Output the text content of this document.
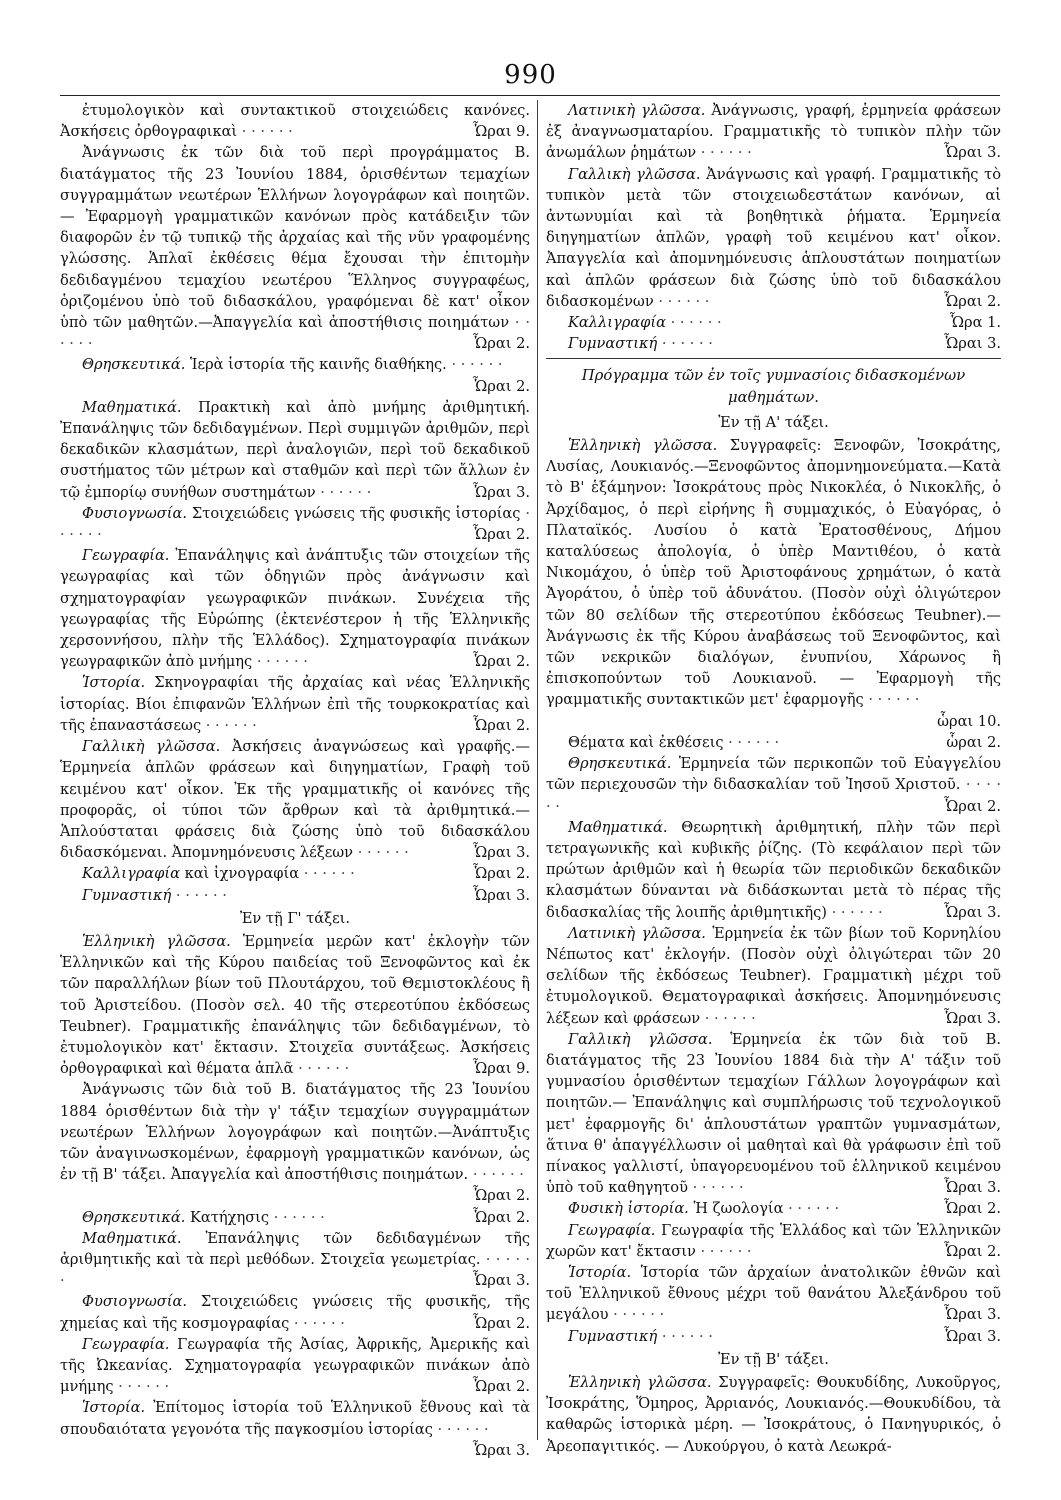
990
ἐτυμολογικὸν καὶ συντακτικοῦ στοιχειώδεις κανόνες. Ἀσκήσεις ὀρθογραφικαὶ · · · · · ·	Ὧραι 9.
Ἀνάγνωσις ἐκ τῶν διὰ τοῦ περὶ προγράμματος Β. διατάγματος τῆς 23 Ἰουνίου 1884, ὁρισθέντων τεμαχίων συγγραμμάτων νεωτέρων Ἑλλήνων λογογράφων καὶ ποιητῶν.— Ἐφαρμογὴ γραμματικῶν κανόνων πρὸς κατάδειξιν τῶν διαφορῶν ἐν τῷ τυπικῷ τῆς ἀρχαίας καὶ τῆς νῦν γραφομένης γλώσσης. Ἁπλαῖ ἐκθέσεις θέμα ἔχουσαι τὴν ἐπιτομὴν δεδιδαγμένου τεμαχίου νεωτέρου Ἕλληνος συγγραφέως, ὁριζομένου ὑπὸ τοῦ διδασκάλου, γραφόμεναι δὲ κατ' οἶκον ὑπὸ τῶν μαθητῶν.—Ἀπαγγελία καὶ ἀποστήθισις ποιημάτων · · · · · ·	Ὧραι 2.
Θρησκευτικά. Ἱερὰ ἱστορία τῆς καινῆς διαθήκης. · · · · · ·
Ὧραι 2.
Μαθηματικά. Πρακτικὴ καὶ ἀπὸ μνήμης ἀριθμητική. Ἐπανάληψις τῶν δεδιδαγμένων. Περὶ συμμιγῶν ἀριθμῶν, περὶ δεκαδικῶν κλασμάτων, περὶ ἀναλογιῶν, περὶ τοῦ δεκαδικοῦ συστήματος τῶν μέτρων καὶ σταθμῶν καὶ περὶ τῶν ἄλλων ἐν τῷ ἐμπορίῳ συνήθων συστημάτων · · · · · ·	Ὧραι 3.
Φυσιογνωσία. Στοιχειώδεις γνώσεις τῆς φυσικῆς ἱστορίας · · · · · ·	Ὧραι 2.
Γεωγραφία. Ἐπανάληψις καὶ ἀνάπτυξις τῶν στοιχείων τῆς γεωγραφίας καὶ τῶν ὁδηγιῶν πρὸς ἀνάγνωσιν καὶ σχηματογραφίαν γεωγραφικῶν πινάκων. Συνέχεια τῆς γεωγραφίας τῆς Εὐρώπης (ἐκτενέστερον ἡ τῆς Ἑλληνικῆς χερσοννήσου, πλὴν τῆς Ἑλλάδος). Σχηματογραφία πινάκων γεωγραφικῶν ἀπὸ μνήμης · · · · · ·	Ὧραι 2.
Ἱστορία. Σκηνογραφίαι τῆς ἀρχαίας καὶ νέας Ἑλληνικῆς ἱστορίας. Βίοι ἐπιφανῶν Ἑλλήνων ἐπὶ τῆς τουρκοκρατίας καὶ τῆς ἐπαναστάσεως · · · · · ·	Ὧραι 2.
Γαλλικὴ γλῶσσα. Ἀσκήσεις ἀναγνώσεως καὶ γραφῆς.— Ἑρμηνεία ἁπλῶν φράσεων καὶ διηγηματίων, Γραφὴ τοῦ κειμένου κατ' οἶκον. Ἐκ τῆς γραμματικῆς οἱ κανόνες τῆς προφορᾶς, οἱ τύποι τῶν ἄρθρων καὶ τὰ ἀριθμητικά.— Ἁπλούσταται φράσεις διὰ ζώσης ὑπὸ τοῦ διδασκάλου διδασκόμεναι. Ἀπομνημόνευσις λέξεων · · · · · ·	Ὧραι 3.
Καλλιγραφία καὶ ἰχνογραφία · · · · · ·	Ὧραι 2.
Γυμναστική · · · · · ·	Ὧραι 3.
Ἐν τῇ Γ' τάξει.
Ἑλληνικὴ γλῶσσα. Ἑρμηνεία μερῶν κατ' ἐκλογὴν τῶν Ἑλληνικῶν καὶ τῆς Κύρου παιδείας τοῦ Ξενοφῶντος καὶ ἐκ τῶν παραλλήλων βίων τοῦ Πλουτάρχου, τοῦ Θεμιστοκλέους ἢ τοῦ Ἀριστείδου. (Ποσὸν σελ. 40 τῆς στερεοτύπου ἐκδόσεως Teubner). Γραμματικῆς ἐπανάληψις τῶν δεδιδαγμένων, τὸ ἐτυμολογικὸν κατ' ἔκτασιν. Στοιχεῖα συντάξεως. Ἀσκήσεις ὀρθογραφικαὶ καὶ θέματα ἁπλᾶ · · · · · ·	Ὧραι 9.
Ἀνάγνωσις τῶν διὰ τοῦ Β. διατάγματος τῆς 23 Ἰουνίου 1884 ὁρισθέντων διὰ τὴν γ' τάξιν τεμαχίων συγγραμμάτων νεωτέρων Ἑλλήνων λογογράφων καὶ ποιητῶν.—Ἀνάπτυξις τῶν ἀναγινωσκομένων, ἐφαρμογὴ γραμματικῶν κανόνων, ὡς ἐν τῇ Β' τάξει. Ἀπαγγελία καὶ ἀποστήθισις ποιημάτων. · · · · · ·
Ὧραι 2.
Θρησκευτικά. Κατήχησις · · · · · ·	Ὧραι 2.
Μαθηματικά. Ἐπανάληψις τῶν δεδιδαγμένων τῆς ἀριθμητικῆς καὶ τὰ περὶ μεθόδων. Στοιχεῖα γεωμετρίας. · · · · · ·	Ὧραι 3.
Φυσιογνωσία. Στοιχειώδεις γνώσεις τῆς φυσικῆς, τῆς χημείας καὶ τῆς κοσμογραφίας · · · · · ·	Ὧραι 2.
Γεωγραφία. Γεωγραφία τῆς Ἀσίας, Ἀφρικῆς, Ἀμερικῆς καὶ τῆς Ὠκεανίας. Σχηματογραφία γεωγραφικῶν πινάκων ἀπὸ μνήμης · · · · · ·	Ὧραι 2.
Ἱστορία. Ἐπίτομος ἱστορία τοῦ Ἑλληνικοῦ ἔθνους καὶ τὰ σπουδαιότατα γεγονότα τῆς παγκοσμίου ἱστορίας · · · · · ·
Ὧραι 3.
Λατινικὴ γλῶσσα. Ἀνάγνωσις, γραφή, ἑρμηνεία φράσεων ἐξ ἀναγνωσματαρίου. Γραμματικῆς τὸ τυπικὸν πλὴν τῶν ἀνωμάλων ῥημάτων · · · · · ·	Ὧραι 3.
Γαλλικὴ γλῶσσα. Ἀνάγνωσις καὶ γραφή. Γραμματικῆς τὸ τυπικὸν μετὰ τῶν στοιχειωδεστάτων κανόνων, αἱ ἀντωνυμίαι καὶ τὰ βοηθητικὰ ῥήματα. Ἑρμηνεία διηγηματίων ἁπλῶν, γραφὴ τοῦ κειμένου κατ' οἶκον. Ἀπαγγελία καὶ ἀπομνημόνευσις ἁπλουστάτων ποιηματίων καὶ ἁπλῶν φράσεων διὰ ζώσης ὑπὸ τοῦ διδασκάλου διδασκομένων · · · · · ·	Ὧραι 2.
Καλλιγραφία · · · · · ·	Ὧρα 1.
Γυμναστική · · · · · ·	Ὧραι 3.
Πρόγραμμα τῶν ἐν τοῖς γυμνασίοις διδασκομένων μαθημάτων.
Ἐν τῇ Α' τάξει.
Ἑλληνικὴ γλῶσσα. Συγγραφεῖς: Ξενοφῶν, Ἰσοκράτης, Λυσίας, Λουκιανός.—Ξενοφῶντος ἀπομνημονεύματα.—Κατὰ τὸ Β' ἑξάμηνον: Ἰσοκράτους πρὸς Νικοκλέα, ὁ Νικοκλῆς, ὁ Ἀρχίδαμος, ὁ περὶ εἰρήνης ἢ συμμαχικός, ὁ Εὐαγόρας, ὁ Πλαταϊκός. Λυσίου ὁ κατὰ Ἐρατοσθένους, Δήμου καταλύσεως ἀπολογία, ὁ ὑπὲρ Μαντιθέου, ὁ κατὰ Νικομάχου, ὁ ὑπὲρ τοῦ Ἀριστοφάνους χρημάτων, ὁ κατὰ Ἀγοράτου, ὁ ὑπὲρ τοῦ ἀδυνάτου. (Ποσὸν οὐχὶ ὀλιγώτερον τῶν 80 σελίδων τῆς στερεοτύπου ἐκδόσεως Teubner).— Ἀνάγνωσις ἐκ τῆς Κύρου ἀναβάσεως τοῦ Ξενοφῶντος, καὶ τῶν νεκρικῶν διαλόγων, ἐνυπνίου, Χάρωνος ἢ ἐπισκοπούντων τοῦ Λουκιανοῦ. — Ἐφαρμογὴ τῆς γραμματικῆς συντακτικῶν μετ' ἐφαρμογῆς · · · · · ·
ὧραι 10.
Θέματα καὶ ἐκθέσεις · · · · · ·	ὧραι 2.
Θρησκευτικά. Ἑρμηνεία τῶν περικοπῶν τοῦ Εὐαγγελίου τῶν περιεχουσῶν τὴν διδασκαλίαν τοῦ Ἰησοῦ Χριστοῦ. · · · · · ·	Ὧραι 2.
Μαθηματικά. Θεωρητικὴ ἀριθμητική, πλὴν τῶν περὶ τετραγωνικῆς καὶ κυβικῆς ῥίζης. (Τὸ κεφάλαιον περὶ τῶν πρώτων ἀριθμῶν καὶ ἡ θεωρία τῶν περιοδικῶν δεκαδικῶν κλασμάτων δύνανται νὰ διδάσκωνται μετὰ τὸ πέρας τῆς διδασκαλίας τῆς λοιπῆς ἀριθμητικῆς) · · · · · ·	Ὧραι 3.
Λατινικὴ γλῶσσα. Ἑρμηνεία ἐκ τῶν βίων τοῦ Κορνηλίου Νέπωτος κατ' ἐκλογήν. (Ποσὸν οὐχὶ ὀλιγώτεραι τῶν 20 σελίδων τῆς ἐκδόσεως Teubner). Γραμματικὴ μέχρι τοῦ ἐτυμολογικοῦ. Θεματογραφικαὶ ἀσκήσεις. Ἀπομνημόνευσις λέξεων καὶ φράσεων · · · · · ·	Ὧραι 3.
Γαλλικὴ γλῶσσα. Ἑρμηνεία ἐκ τῶν διὰ τοῦ Β. διατάγματος τῆς 23 Ἰουνίου 1884 διὰ τὴν Α' τάξιν τοῦ γυμνασίου ὁρισθέντων τεμαχίων Γάλλων λογογράφων καὶ ποιητῶν.— Ἐπανάληψις καὶ συμπλήρωσις τοῦ τεχνολογικοῦ μετ' ἐφαρμογῆς δι' ἁπλουστάτων γραπτῶν γυμνασμάτων, ἅτινα θ' ἀπαγγέλλωσιν οἱ μαθηταὶ καὶ θὰ γράφωσιν ἐπὶ τοῦ πίνακος γαλλιστί, ὑπαγορευομένου τοῦ ἑλληνικοῦ κειμένου ὑπὸ τοῦ καθηγητοῦ · · · · · ·	Ὧραι 3.
Φυσικὴ ἱστορία. Ἡ ζωολογία · · · · · ·	Ὧραι 2.
Γεωγραφία. Γεωγραφία τῆς Ἑλλάδος καὶ τῶν Ἑλληνικῶν χωρῶν κατ' ἔκτασιν · · · · · ·	Ὧραι 2.
Ἱστορία. Ἱστορία τῶν ἀρχαίων ἀνατολικῶν ἐθνῶν καὶ τοῦ Ἑλληνικοῦ ἔθνους μέχρι τοῦ θανάτου Ἀλεξάνδρου τοῦ μεγάλου · · · · · ·	Ὧραι 3.
Γυμναστική · · · · · ·	Ὧραι 3.
Ἐν τῇ Β' τάξει.
Ἑλληνικὴ γλῶσσα. Συγγραφεῖς: Θουκυδίδης, Λυκοῦργος, Ἰσοκράτης, Ὅμηρος, Ἀρριανός, Λουκιανός.—Θουκυδίδου, τὰ καθαρῶς ἱστορικὰ μέρη. — Ἰσοκράτους, ὁ Πανηγυρικός, ὁ Ἀρεοπαγιτικός. — Λυκούργου, ὁ κατὰ Λεωκρά-
